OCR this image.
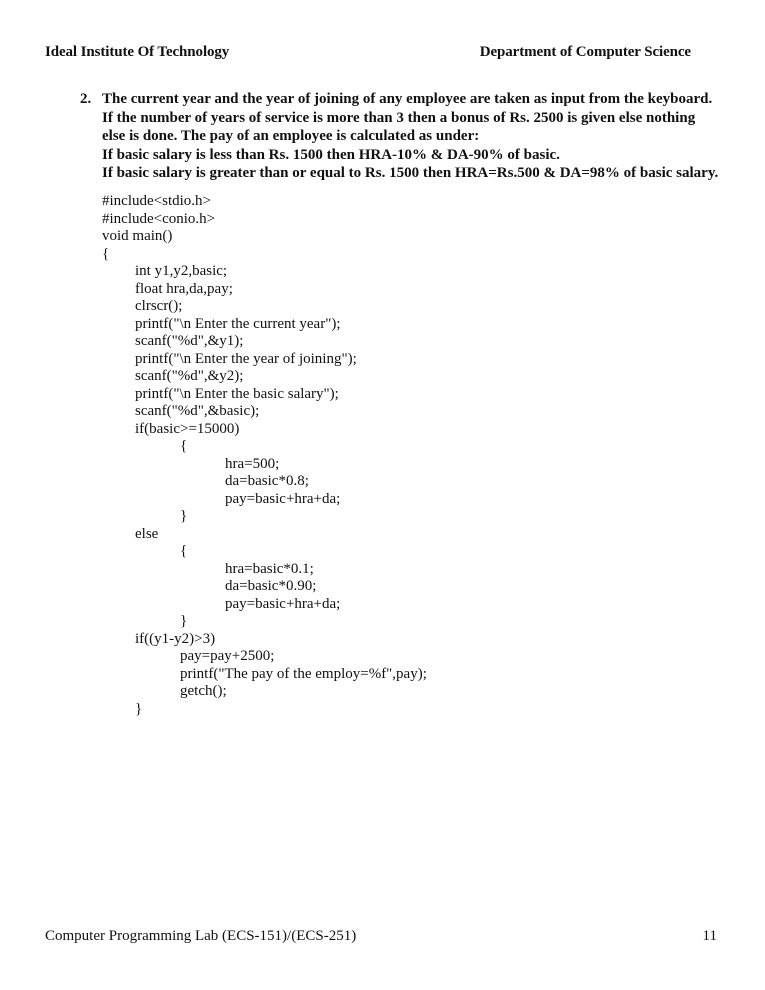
Ideal Institute Of Technology	Department of Computer Science
2. The current year and the year of joining of any employee are taken as input from the keyboard.
If the number of years of service is more than 3 then a bonus of Rs. 2500 is given else nothing
else is done. The pay of an employee is calculated as under:
If basic salary is less than Rs. 1500 then HRA-10% & DA-90% of basic.
If basic salary is greater than or equal to Rs. 1500 then HRA=Rs.500 & DA=98% of basic salary.
#include<stdio.h>
#include<conio.h>
void main()
{
int y1,y2,basic;
float hra,da,pay;
clrscr();
printf("\n Enter the current year");
scanf("%d",&y1);
printf("\n Enter the year of joining");
scanf("%d",&y2);
printf("\n Enter the basic salary");
scanf("%d",&basic);
if(basic>=15000)
{
hra=500;
da=basic*0.8;
pay=basic+hra+da;
}
else
{
hra=basic*0.1;
da=basic*0.90;
pay=basic+hra+da;
}
if((y1-y2)>3)
pay=pay+2500;
printf("The pay of the employ=%f",pay);
getch();
}
Computer Programming Lab (ECS-151)/(ECS-251)	11
